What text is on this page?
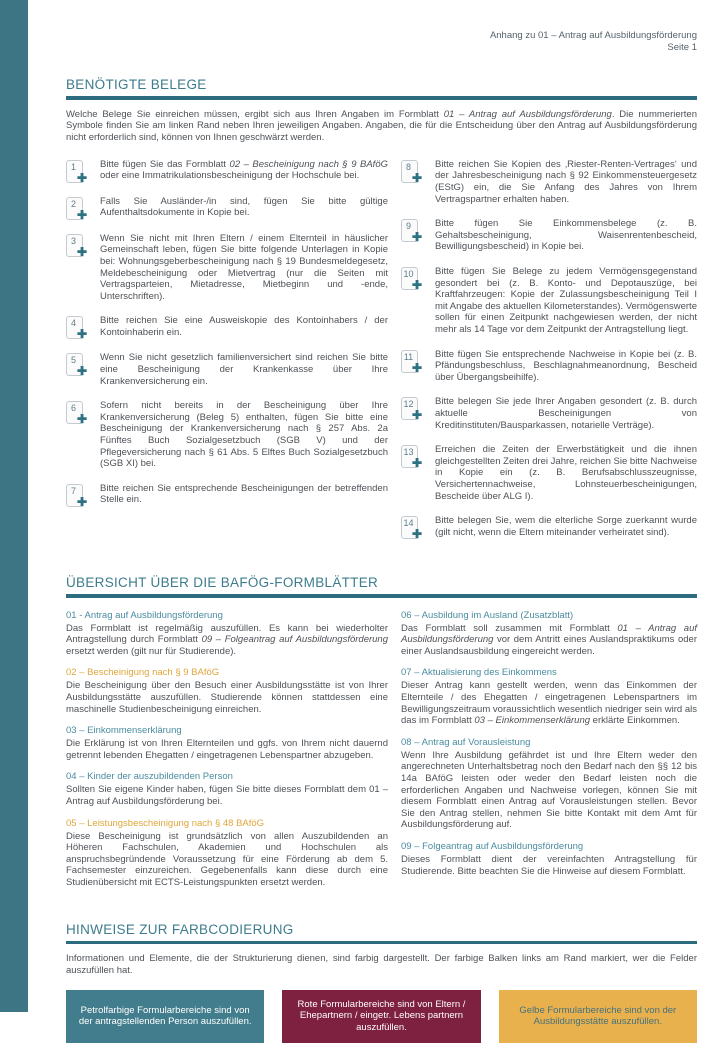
Anhang zu 01 – Antrag auf Ausbildungsförderung
Seite 1
BENÖTIGTE BELEGE

Welche Belege Sie einreichen müssen, ergibt sich aus Ihren Angaben im Formblatt 01 – Antrag auf Ausbildungsförderung. Die nummerierten Symbole finden Sie am linken Rand neben Ihren jeweiligen Angaben. Angaben, die für die Entscheidung über den Antrag auf Ausbildungsförderung nicht erforderlich sind, können von Ihnen geschwärzt werden.

1
✚
Bitte fügen Sie das Formblatt 02 – Bescheinigung nach § 9 BAföG oder eine Immatrikulationsbescheinigung der Hochschule bei.
2
✚
Falls Sie Ausländer-/in sind, fügen Sie bitte gültige Aufenthaltsdokumente in Kopie bei.
3
✚
Wenn Sie nicht mit Ihren Eltern / einem Elternteil in häuslicher Gemeinschaft leben, fügen Sie bitte folgende Unterlagen in Kopie bei: Wohnungsgeberbescheinigung nach § 19 Bundesmeldegesetz, Meldebescheinigung oder Mietvertrag (nur die Seiten mit Vertragsparteien, Mietadresse, Mietbeginn und -ende, Unterschriften).
4
✚
Bitte reichen Sie eine Ausweiskopie des Kontoinhabers / der Kontoinhaberin ein.
5
✚
Wenn Sie nicht gesetzlich familienversichert sind reichen Sie bitte eine Bescheinigung der Krankenkasse über Ihre Krankenversicherung ein.
6
✚
Sofern nicht bereits in der Bescheinigung über Ihre Krankenversicherung (Beleg 5) enthalten, fügen Sie bitte eine Bescheinigung der Krankenversicherung nach § 257 Abs. 2a Fünftes Buch Sozialgesetzbuch (SGB V) und der Pflegeversicherung nach § 61 Abs. 5 Elftes Buch Sozialgesetzbuch (SGB XI) bei.
7
✚
Bitte reichen Sie entsprechende Bescheinigungen der betreffenden Stelle ein.
8
✚
Bitte reichen Sie Kopien des ‚Riester-Renten-Vertrages‘ und der Jahresbescheinigung nach § 92 Einkommensteuergesetz (EStG) ein, die Sie Anfang des Jahres von Ihrem Vertragspartner erhalten haben.
9
✚
Bitte fügen Sie Einkommensbelege (z. B. Gehaltsbescheinigung, Waisenrentenbescheid, Bewilligungsbescheid) in Kopie bei.
10
✚
Bitte fügen Sie Belege zu jedem Vermögensgegenstand gesondert bei (z. B. Konto- und Depotauszüge, bei Kraftfahrzeugen: Kopie der Zulassungsbescheinigung Teil I mit Angabe des aktuellen Kilometerstandes). Vermögenswerte sollen für einen Zeitpunkt nachgewiesen werden, der nicht mehr als 14 Tage vor dem Zeitpunkt der Antragstellung liegt.
11
✚
Bitte fügen Sie entsprechende Nachweise in Kopie bei (z. B. Pfändungsbeschluss, Beschlagnahmeanordnung, Bescheid über Übergangsbeihilfe).
12
✚
Bitte belegen Sie jede Ihrer Angaben gesondert (z. B. durch aktuelle Bescheinigungen von Kreditinstituten/Bausparkassen, notarielle Verträge).
13
✚
Erreichen die Zeiten der Erwerbstätigkeit und die ihnen gleichgestellten Zeiten drei Jahre, reichen Sie bitte Nachweise in Kopie ein (z. B. Berufsabschlusszeugnisse, Versichertennachweise, Lohnsteuerbescheinigungen, Bescheide über ALG I).
14
✚
Bitte belegen Sie, wem die elterliche Sorge zuerkannt wurde (gilt nicht, wenn die Eltern miteinander verheiratet sind).
ÜBERSICHT ÜBER DIE BAFÖG-FORMBLÄTTER
01 - Antrag auf Ausbildungsförderung
Das Formblatt ist regelmäßig auszufüllen. Es kann bei wiederholter Antragstellung durch Formblatt 09 – Folgeantrag auf Ausbildungsförderung ersetzt werden (gilt nur für Studierende).
02 – Bescheinigung nach § 9 BAföG
Die Bescheinigung über den Besuch einer Ausbildungsstätte ist von Ihrer Ausbildungsstätte auszufüllen. Studierende können stattdessen eine maschinelle Studienbescheinigung einreichen.
03 – Einkommenserklärung
Die Erklärung ist von Ihren Elternteilen und ggfs. von Ihrem nicht dauernd getrennt lebenden Ehegatten / eingetragenen Lebenspartner abzugeben.
04 – Kinder der auszubildenden Person
Sollten Sie eigene Kinder haben, fügen Sie bitte dieses Formblatt dem 01 – Antrag auf Ausbildungsförderung bei.
05 – Leistungsbescheinigung nach § 48 BAföG
Diese Bescheinigung ist grundsätzlich von allen Auszubildenden an Höheren Fachschulen, Akademien und Hochschulen als anspruchsbegründende Voraussetzung für eine Förderung ab dem 5. Fachsemester einzureichen. Gegebenenfalls kann diese durch eine Studienübersicht mit ECTS-Leistungspunkten ersetzt werden.
06 – Ausbildung im Ausland (Zusatzblatt)
Das Formblatt soll zusammen mit Formblatt 01 – Antrag auf Ausbildungsförderung vor dem Antritt eines Auslandspraktikums oder einer Auslandsausbildung eingereicht werden.
07 – Aktualisierung des Einkommens
Dieser Antrag kann gestellt werden, wenn das Einkommen der Elternteile / des Ehegatten / eingetragenen Lebenspartners im Bewilligungszeitraum voraussichtlich wesentlich niedriger sein wird als das im Formblatt 03 – Einkommenserklärung erklärte Einkommen.
08 – Antrag auf Vorausleistung
Wenn Ihre Ausbildung gefährdet ist und Ihre Eltern weder den angerechneten Unterhaltsbetrag noch den Bedarf nach den §§ 12 bis 14a BAföG leisten oder weder den Bedarf leisten noch die erforderlichen Angaben und Nachweise vorlegen, können Sie mit diesem Formblatt einen Antrag auf Vorausleistungen stellen. Bevor Sie den Antrag stellen, nehmen Sie bitte Kontakt mit dem Amt für Ausbildungsförderung auf.
09 – Folgeantrag auf Ausbildungsförderung
Dieses Formblatt dient der vereinfachten Antragstellung für Studierende. Bitte beachten Sie die Hinweise auf diesem Formblatt.
HINWEISE ZUR FARBCODIERUNG

Informationen und Elemente, die der Strukturierung dienen, sind farbig dargestellt. Der farbige Balken links am Rand markiert, wer die Felder auszufüllen hat.

Petrolfarbige Formularbereiche sind von der antragstellenden Person auszufüllen.
Rote Formularbereiche sind von Eltern / Ehepartnern / eingetr. Lebens partnern auszufüllen.
Gelbe Formularbereiche sind von der Ausbildungsstätte auszufüllen.
